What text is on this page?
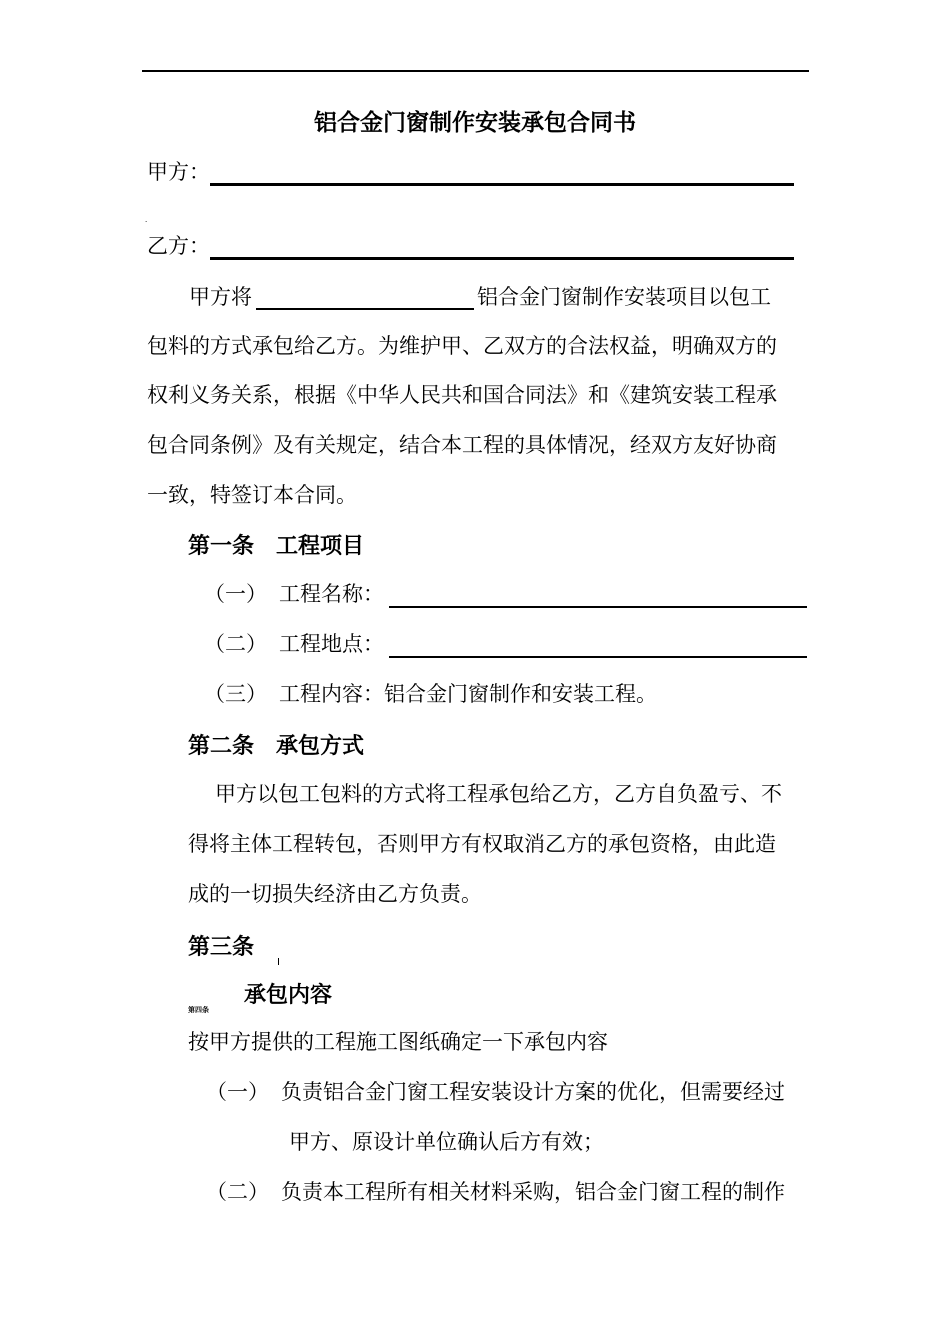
铝合金门窗制作安装承包合同书
甲方：
.
乙方：
甲方将	铝合金门窗制作安装项目以包工
包料的方式承包给乙方。为维护甲、乙双方的合法权益，明确双方的
权利义务关系，根据《中华人民共和国合同法》和《建筑安装工程承
包合同条例》及有关规定，结合本工程的具体情况，经双方友好协商
一致，特签订本合同。
第一条　工程项目
（一） 工程名称：
（二） 工程地点：
（三） 工程内容：铝合金门窗制作和安装工程。
第二条　承包方式
甲方以包工包料的方式将工程承包给乙方，乙方自负盈亏、不
得将主体工程转包，否则甲方有权取消乙方的承包资格，由此造
成的一切损失经济由乙方负责。
第三条
承包内容
第四条
按甲方提供的工程施工图纸确定一下承包内容
（一） 负责铝合金门窗工程安装设计方案的优化，但需要经过
甲方、原设计单位确认后方有效；
（二） 负责本工程所有相关材料采购，铝合金门窗工程的制作
